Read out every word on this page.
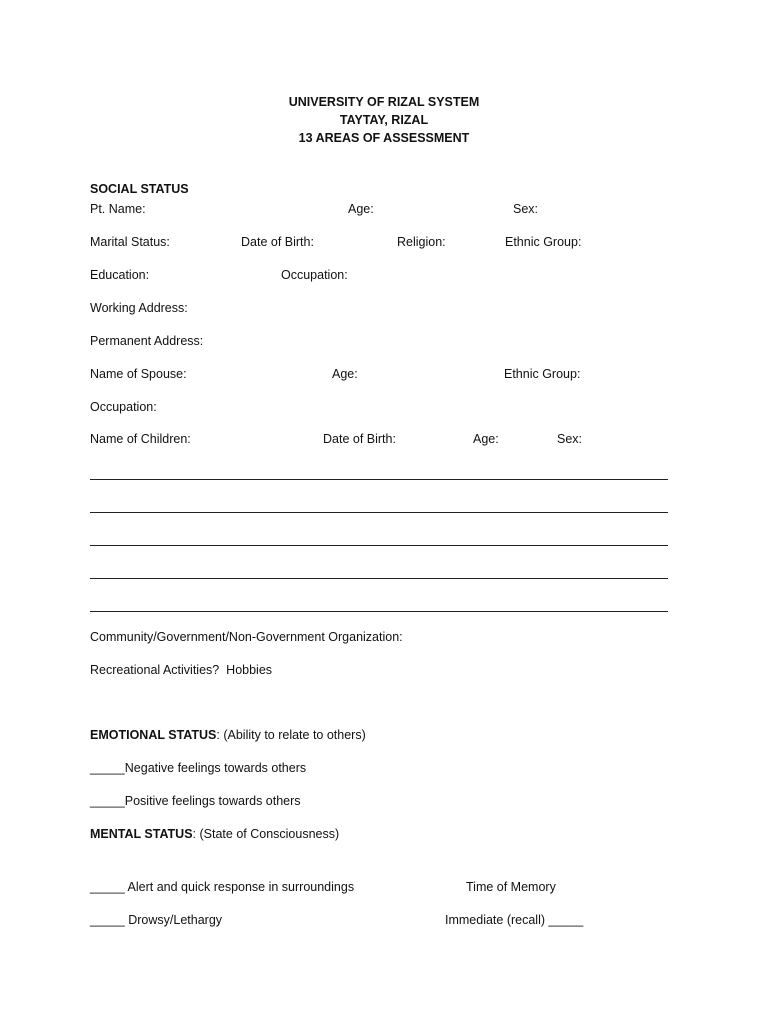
UNIVERSITY OF RIZAL SYSTEM
TAYTAY, RIZAL
13 AREAS OF ASSESSMENT
SOCIAL STATUS
Pt. Name:	Age:	Sex:
Marital Status:	Date of Birth:	Religion:	Ethnic Group:
Education:	Occupation:
Working Address:
Permanent Address:
Name of Spouse:	Age:	Ethnic Group:
Occupation:
Name of Children:	Date of Birth:	Age:	Sex:
Community/Government/Non-Government Organization:
Recreational Activities?  Hobbies
EMOTIONAL STATUS: (Ability to relate to others)
_____Negative feelings towards others
_____Positive feelings towards others
MENTAL STATUS: (State of Consciousness)
_____ Alert and quick response in surroundings	Time of Memory
_____ Drowsy/Lethargy	Immediate (recall) _____
